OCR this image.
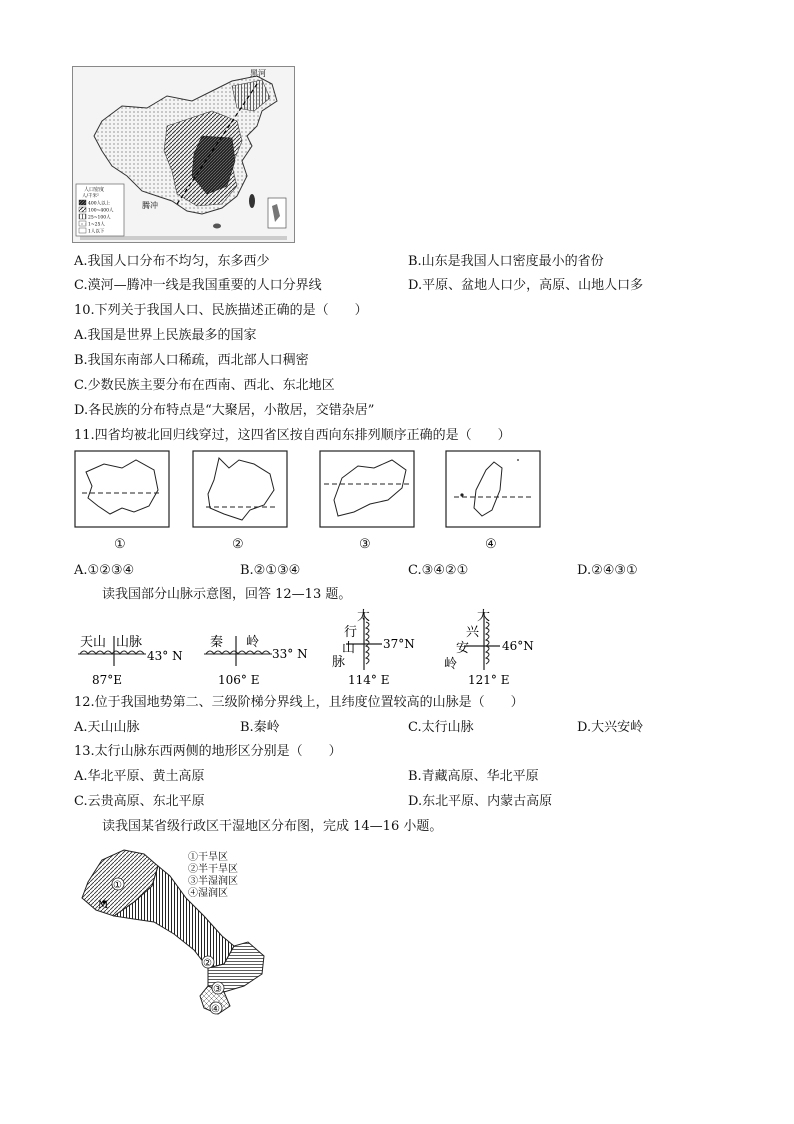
黑河
腾冲
人口密度
人/千米²
400人以上
100~400人
25~100人
1~25人
1人以下
A.我国人口分布不均匀，东多西少	B.山东是我国人口密度最小的省份
C.漠河—腾冲一线是我国重要的人口分界线	D.平原、盆地人口少，高原、山地人口多
10.下列关于我国人口、民族描述正确的是（　　）
A.我国是世界上民族最多的国家
B.我国东南部人口稀疏，西北部人口稠密
C.少数民族主要分布在西南、西北、东北地区
D.各民族的分布特点是“大聚居，小散居，交错杂居”
11.四省均被北回归线穿过，这四省区按自西向东排列顺序正确的是（　　）
①	②	③	④
A.①②③④	B.②①③④	C.③④②①	D.②④③①
读我国部分山脉示意图，回答 12—13 题。
天山 山脉
43° N
87°E
秦 岭
33° N
106° E
太
行
山
脉
37°N
114° E
大
兴
安
岭
46°N
121° E
12.位于我国地势第二、三级阶梯分界线上，且纬度位置较高的山脉是（　　）
A.天山山脉	B.秦岭	C.太行山脉	D.大兴安岭
13.太行山脉东西两侧的地形区分别是（　　）
A.华北平原、黄土高原	B.青藏高原、华北平原
C.云贵高原、东北平原	D.东北平原、内蒙古高原
读我国某省级行政区干湿地区分布图，完成 14—16 小题。
①
②
③
④
M
①干旱区
②半干旱区
③半湿润区
④湿润区
